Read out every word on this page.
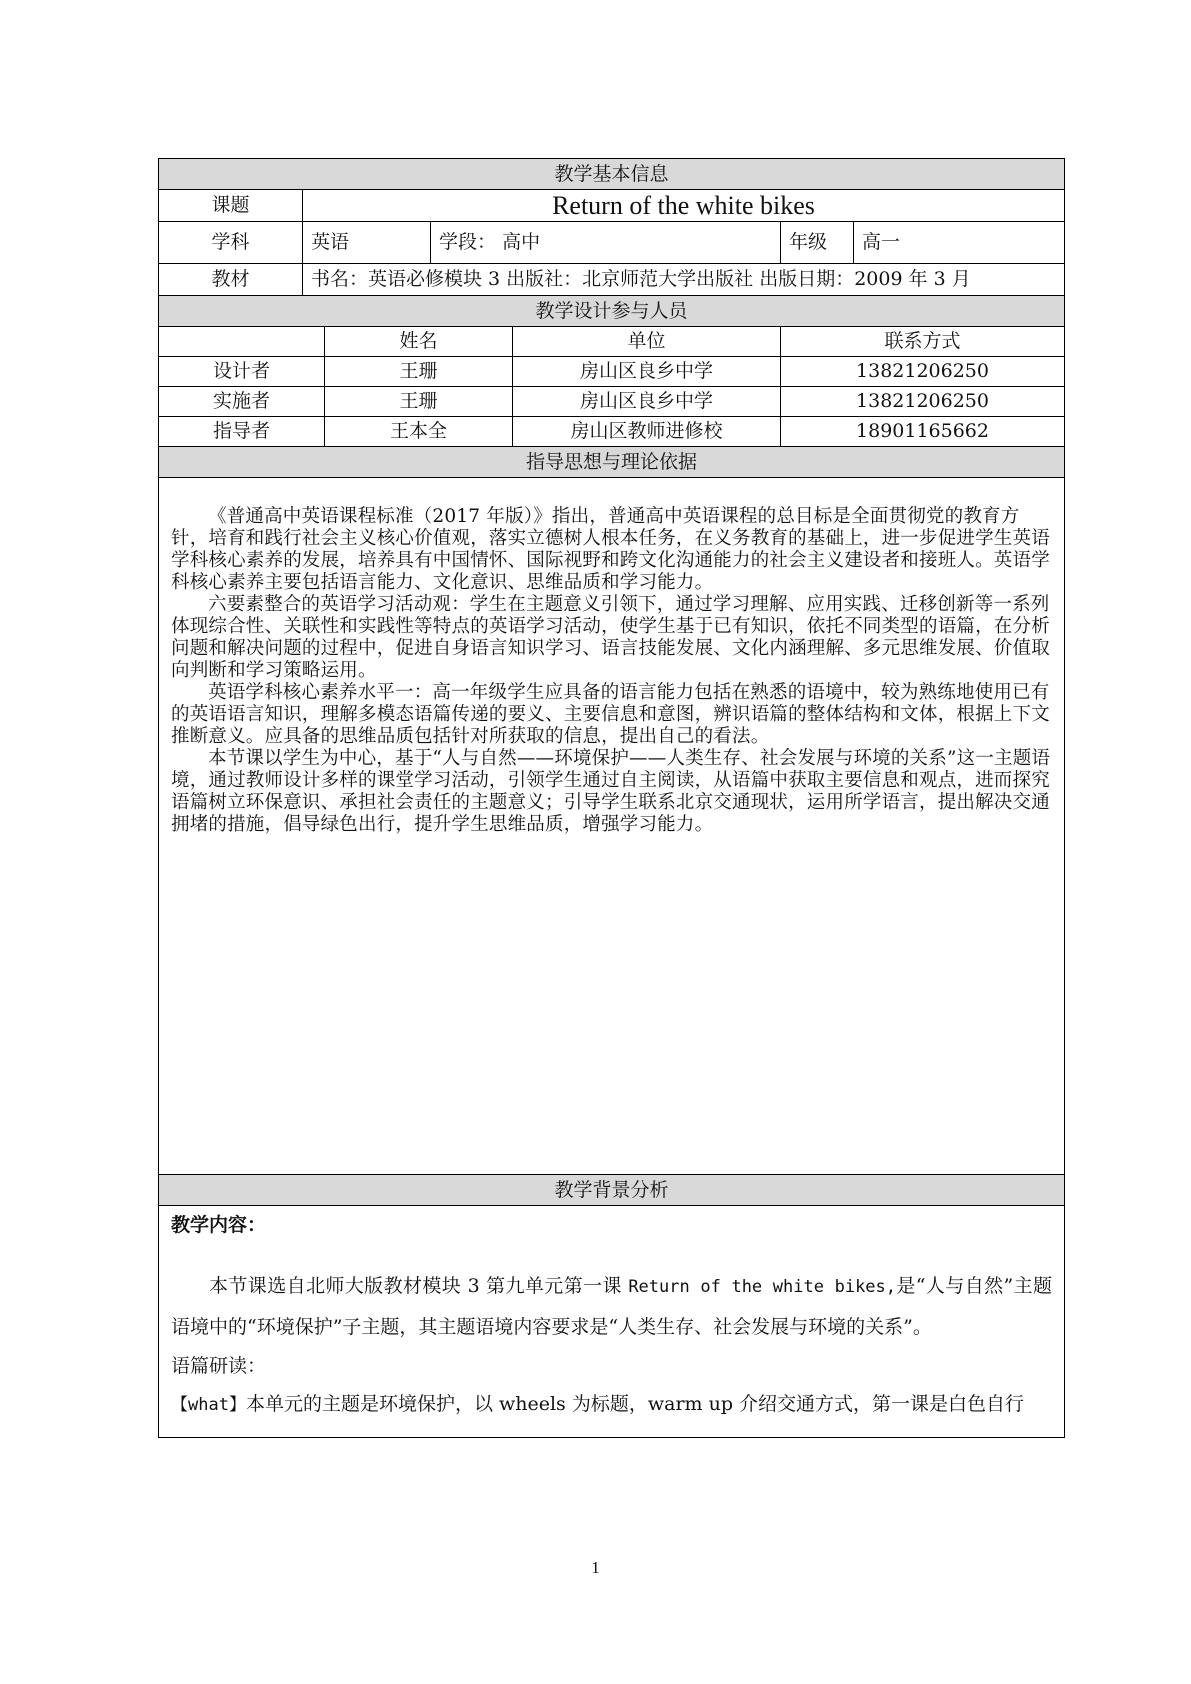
教学基本信息						
课题	Return of the white bikes					
学科	英语		学段： 高中		年级	高一
教材	书名：英语必修模块 3 出版社：北京师范大学出版社 出版日期：2009 年 3 月					
教学设计参与人员						
		姓名		单位	联系方式	
设计者		王珊		房山区良乡中学	13821206250	
实施者		王珊		房山区良乡中学	13821206250	
指导者		王本全		房山区教师进修校	18901165662	
指导思想与理论依据						

《普通高中英语课程标准（2017 年版）》指出，普通高中英语课程的总目标是全面贯彻党的教育方针，培育和践行社会主义核心价值观，落实立德树人根本任务，在义务教育的基础上，进一步促进学生英语学科核心素养的发展，培养具有中国情怀、国际视野和跨文化沟通能力的社会主义建设者和接班人。英语学科核心素养主要包括语言能力、文化意识、思维品质和学习能力。

六要素整合的英语学习活动观：学生在主题意义引领下，通过学习理解、应用实践、迁移创新等一系列体现综合性、关联性和实践性等特点的英语学习活动，使学生基于已有知识，依托不同类型的语篇，在分析问题和解决问题的过程中，促进自身语言知识学习、语言技能发展、文化内涵理解、多元思维发展、价值取向判断和学习策略运用。

英语学科核心素养水平一：高一年级学生应具备的语言能力包括在熟悉的语境中，较为熟练地使用已有的英语语言知识，理解多模态语篇传递的要义、主要信息和意图，辨识语篇的整体结构和文体，根据上下文推断意义。应具备的思维品质包括针对所获取的信息，提出自己的看法。

本节课以学生为中心，基于“人与自然——环境保护——人类生存、社会发展与环境的关系”这一主题语境，通过教师设计多样的课堂学习活动，引领学生通过自主阅读，从语篇中获取主要信息和观点，进而探究语篇树立环保意识、承担社会责任的主题意义；引导学生联系北京交通现状，运用所学语言，提出解决交通拥堵的措施，倡导绿色出行，提升学生思维品质，增强学习能力。						

教学背景分析						

教学内容：

本节课选自北师大版教材模块 3 第九单元第一课 Return of the white bikes,是“人与自然”主题语境中的“环境保护”子主题，其主题语境内容要求是“人类生存、社会发展与环境的关系”。

语篇研读：

【what】本单元的主题是环境保护，以 wheels 为标题，warm up 介绍交通方式，第一课是白色自行						

1
